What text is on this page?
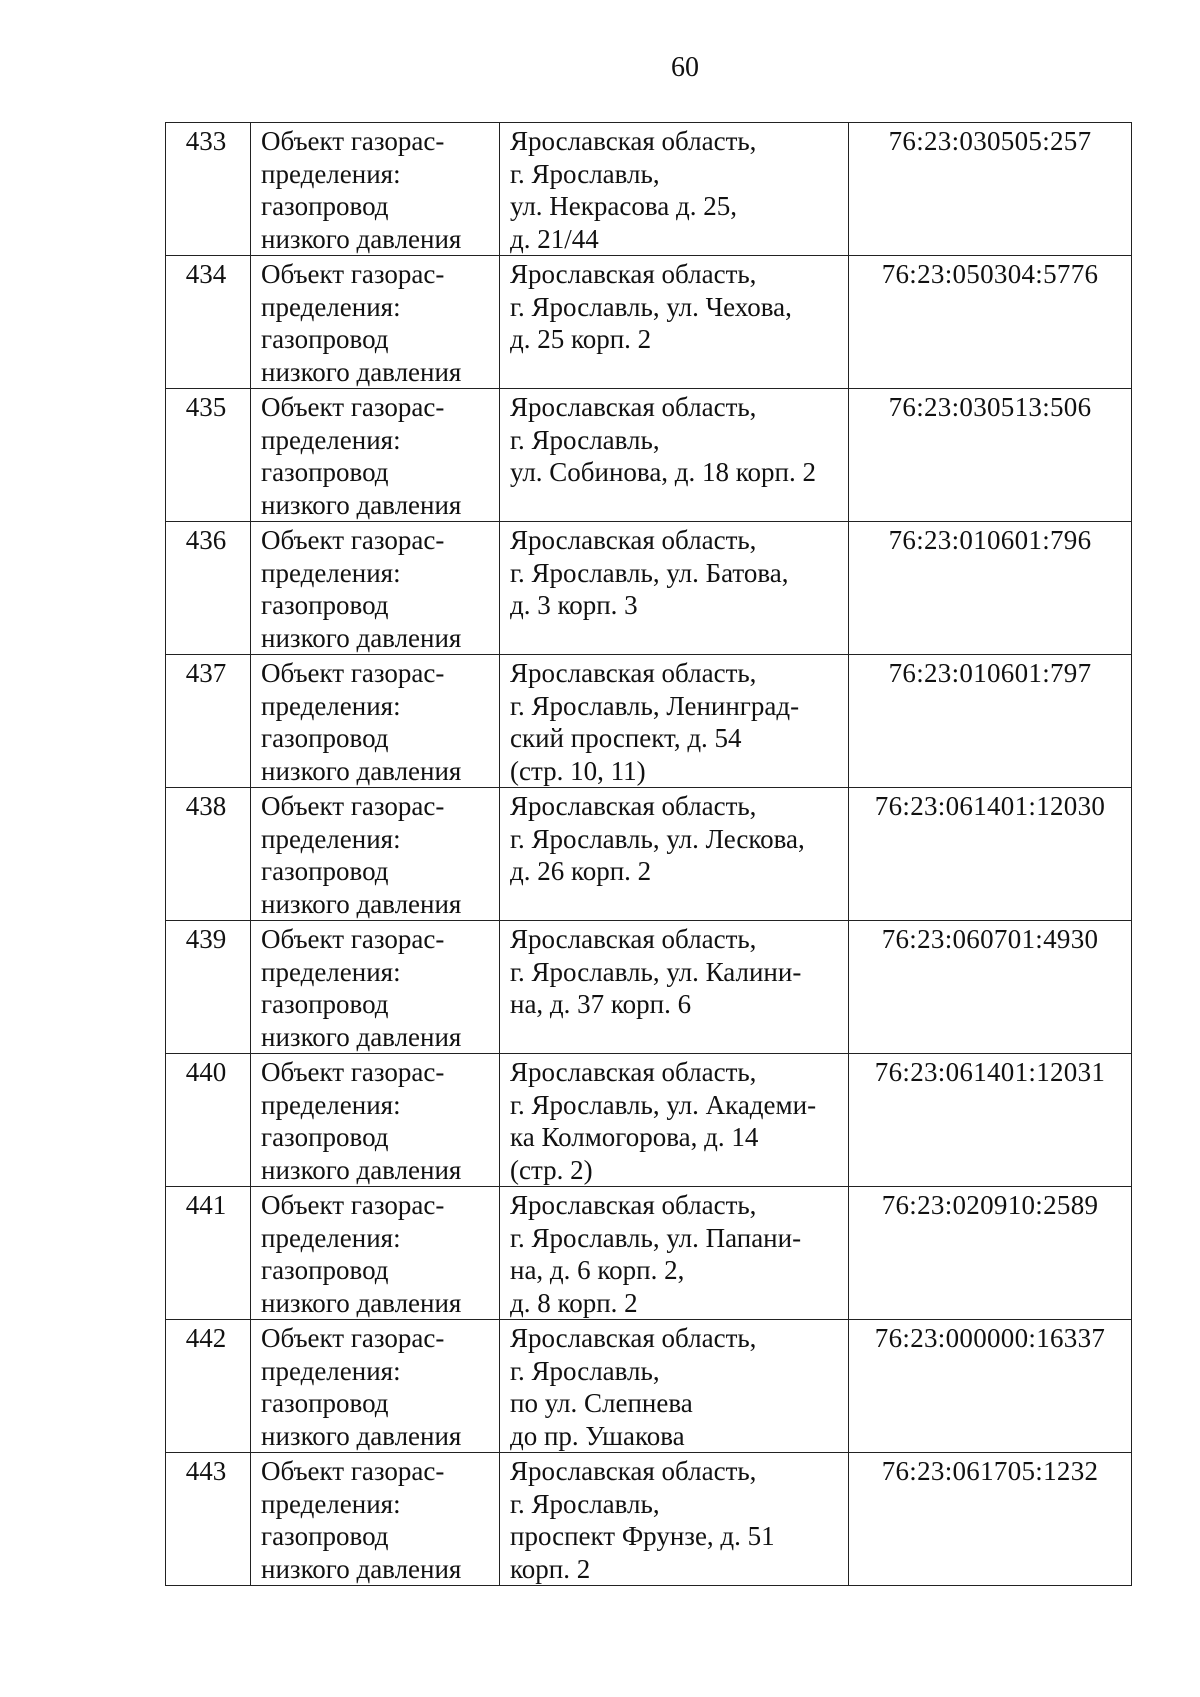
60
433	Объект газорас-
пределения:
газопровод
низкого давления	Ярославская область,
г. Ярославль,
ул. Некрасова д. 25,
д. 21/44	76:23:030505:257
434	Объект газорас-
пределения:
газопровод
низкого давления	Ярославская область,
г. Ярославль, ул. Чехова,
д. 25 корп. 2	76:23:050304:5776
435	Объект газорас-
пределения:
газопровод
низкого давления	Ярославская область,
г. Ярославль,
ул. Собинова, д. 18 корп. 2	76:23:030513:506
436	Объект газорас-
пределения:
газопровод
низкого давления	Ярославская область,
г. Ярославль, ул. Батова,
д. 3 корп. 3	76:23:010601:796
437	Объект газорас-
пределения:
газопровод
низкого давления	Ярославская область,
г. Ярославль, Ленинград-
ский проспект, д. 54
(стр. 10, 11)	76:23:010601:797
438	Объект газорас-
пределения:
газопровод
низкого давления	Ярославская область,
г. Ярославль, ул. Лескова,
д. 26 корп. 2	76:23:061401:12030
439	Объект газорас-
пределения:
газопровод
низкого давления	Ярославская область,
г. Ярославль, ул. Калини-
на, д. 37 корп. 6	76:23:060701:4930
440	Объект газорас-
пределения:
газопровод
низкого давления	Ярославская область,
г. Ярославль, ул. Академи-
ка Колмогорова, д. 14
(стр. 2)	76:23:061401:12031
441	Объект газорас-
пределения:
газопровод
низкого давления	Ярославская область,
г. Ярославль, ул. Папани-
на, д. 6 корп. 2,
д. 8 корп. 2	76:23:020910:2589
442	Объект газорас-
пределения:
газопровод
низкого давления	Ярославская область,
г. Ярославль,
по ул. Слепнева
до пр. Ушакова	76:23:000000:16337
443	Объект газорас-
пределения:
газопровод
низкого давления	Ярославская область,
г. Ярославль,
проспект Фрунзе, д. 51
корп. 2	76:23:061705:1232
